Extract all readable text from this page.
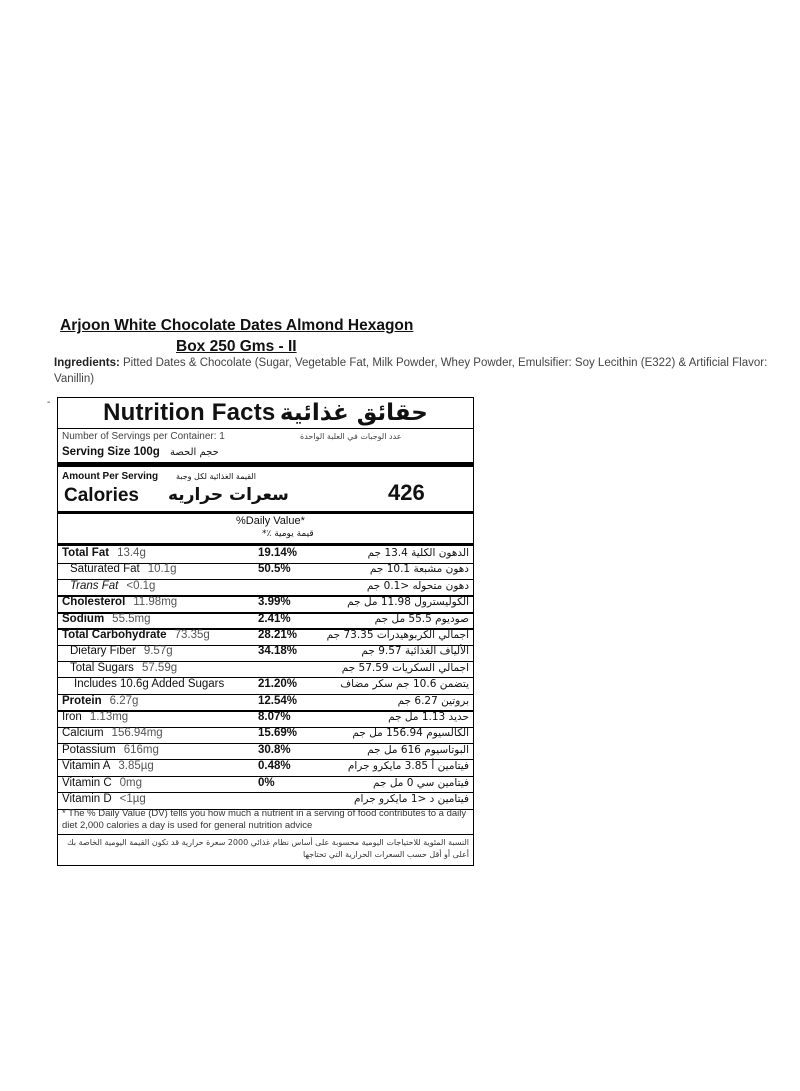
Arjoon White Chocolate Dates Almond Hexagon
Box 250 Gms - II
Ingredients: Pitted Dates & Chocolate (Sugar, Vegetable Fat, Milk Powder, Whey Powder, Emulsifier: Soy Lecithin (E322) & Artificial Flavor: Vanillin)
-	Nutrition Facts حقائق غذائية
Number of Servings per Container: 1	عدد الوجبات في العلبة الواحدة
Serving Size 100g حجم الحصة
Amount Per Serving القيمة الغذائية لكل وجبة
Calories سعرات حراريه	426
%Daily Value*
قيمة يومية ٪*
Total Fat 13.4g	19.14%	الدهون الكلية 13.4 جم
Saturated Fat 10.1g	50.5%	دهون مشبعة 10.1 جم
Trans Fat <0.1g	دهون متحوله <0.1 جم
Cholesterol 11.98mg	3.99%	الكوليسترول 11.98 مل جم
Sodium 55.5mg	2.41%	صوديوم 55.5 مل جم
Total Carbohydrate 73.35g	28.21%	اجمالي الكربوهيدرات 73.35 جم
Dietary Fiber 9.57g	34.18%	الألياف الغذائية 9.57 جم
Total Sugars 57.59g	اجمالي السكريات 57.59 جم
Includes 10.6g Added Sugars	21.20%	يتضمن 10.6 جم سكر مضاف
Protein 6.27g	12.54%	بروتين 6.27 جم
Iron 1.13mg	8.07%	حديد 1.13 مل جم
Calcium 156.94mg	15.69%	الكالسيوم 156.94 مل جم
Potassium 616mg	30.8%	البوتاسيوم 616 مل جم
Vitamin A 3.85µg	0.48%	فيتامين أ 3.85 مايكرو جرام
Vitamin C 0mg	0%	فيتامين سي 0 مل جم
Vitamin D <1µg	فيتامين د <1 مايكرو جرام
* The % Daily Value (DV) tells you how much a nutrient in a serving of food contributes to a daily diet 2,000 calories a day is used for general nutrition advice
النسبة المئوية للاحتياجات اليومية محسوبة على أساس نظام غذائي 2000 سعرة حرارية قد تكون القيمة اليومية الخاصة بك أعلى أو أقل حسب السعرات الحرارية التي تحتاجها
